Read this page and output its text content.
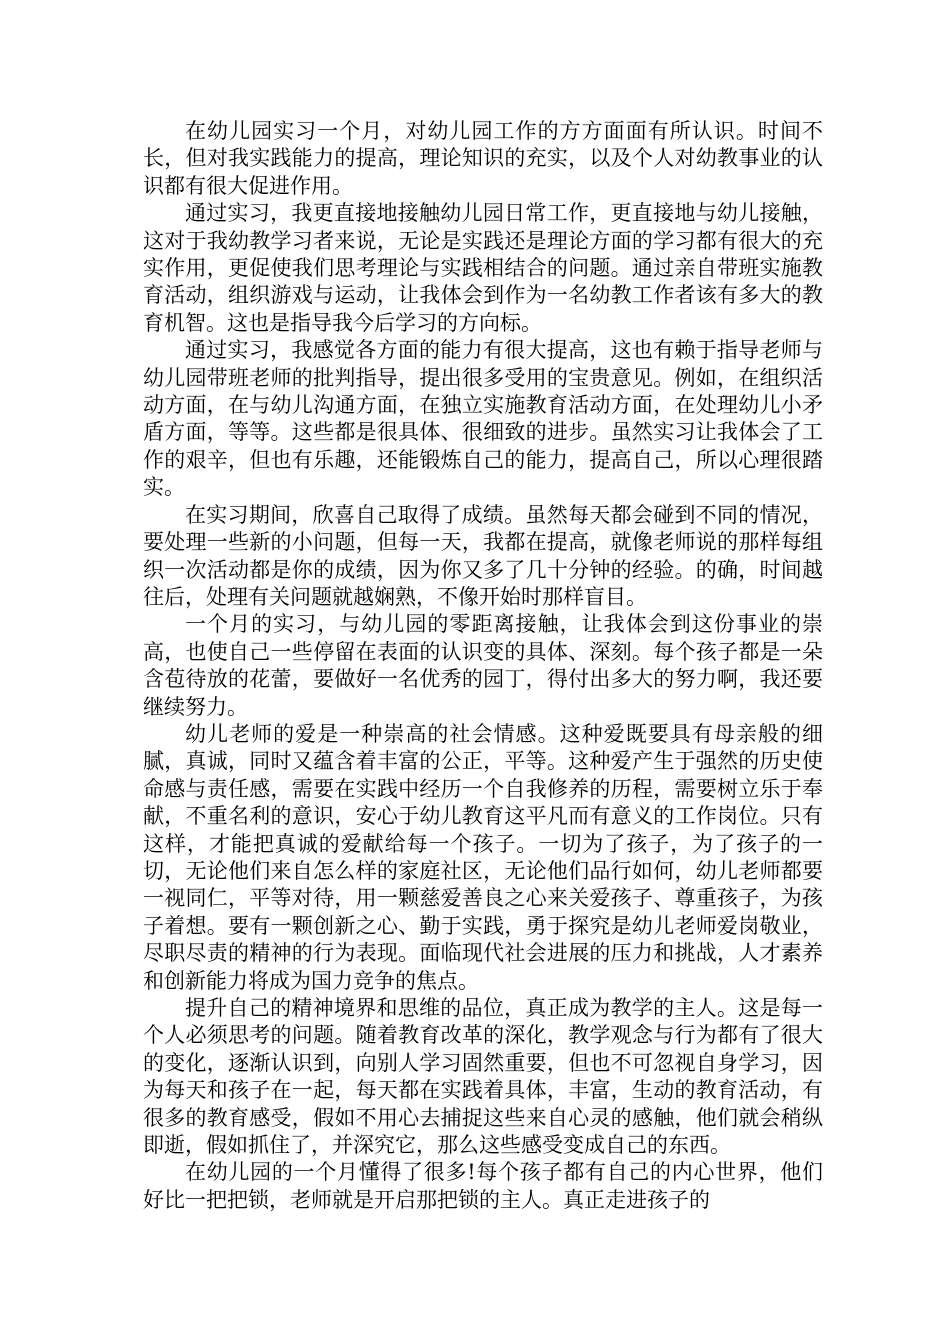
在幼儿园实习一个月，对幼儿园工作的方方面面有所认识。时间不长，但对我实践能力的提高，理论知识的充实，以及个人对幼教事业的认识都有很大促进作用。

通过实习，我更直接地接触幼儿园日常工作，更直接地与幼儿接触，这对于我幼教学习者来说，无论是实践还是理论方面的学习都有很大的充实作用，更促使我们思考理论与实践相结合的问题。通过亲自带班实施教育活动，组织游戏与运动，让我体会到作为一名幼教工作者该有多大的教育机智。这也是指导我今后学习的方向标。

通过实习，我感觉各方面的能力有很大提高，这也有赖于指导老师与幼儿园带班老师的批判指导，提出很多受用的宝贵意见。例如，在组织活动方面，在与幼儿沟通方面，在独立实施教育活动方面，在处理幼儿小矛盾方面，等等。这些都是很具体、很细致的进步。虽然实习让我体会了工作的艰辛，但也有乐趣，还能锻炼自己的能力，提高自己，所以心理很踏实。

在实习期间，欣喜自己取得了成绩。虽然每天都会碰到不同的情况，要处理一些新的小问题，但每一天，我都在提高，就像老师说的那样每组织一次活动都是你的成绩，因为你又多了几十分钟的经验。的确，时间越往后，处理有关问题就越娴熟，不像开始时那样盲目。

一个月的实习，与幼儿园的零距离接触，让我体会到这份事业的崇高，也使自己一些停留在表面的认识变的具体、深刻。每个孩子都是一朵含苞待放的花蕾，要做好一名优秀的园丁，得付出多大的努力啊，我还要继续努力。

幼儿老师的爱是一种崇高的社会情感。这种爱既要具有母亲般的细腻，真诚，同时又蕴含着丰富的公正，平等。这种爱产生于强然的历史使命感与责任感，需要在实践中经历一个自我修养的历程，需要树立乐于奉献，不重名利的意识，安心于幼儿教育这平凡而有意义的工作岗位。只有这样，才能把真诚的爱献给每一个孩子。一切为了孩子，为了孩子的一切，无论他们来自怎么样的家庭社区，无论他们品行如何，幼儿老师都要一视同仁，平等对待，用一颗慈爱善良之心来关爱孩子、尊重孩子，为孩子着想。要有一颗创新之心、勤于实践，勇于探究是幼儿老师爱岗敬业，尽职尽责的精神的行为表现。面临现代社会进展的压力和挑战，人才素养和创新能力将成为国力竞争的焦点。

提升自己的精神境界和思维的品位，真正成为教学的主人。这是每一个人必须思考的问题。随着教育改革的深化，教学观念与行为都有了很大的变化，逐渐认识到，向别人学习固然重要，但也不可忽视自身学习，因为每天和孩子在一起，每天都在实践着具体，丰富，生动的教育活动，有很多的教育感受，假如不用心去捕捉这些来自心灵的感触，他们就会稍纵即逝，假如抓住了，并深究它，那么这些感受变成自己的东西。

在幼儿园的一个月懂得了很多!每个孩子都有自己的内心世界，他们好比一把把锁，老师就是开启那把锁的主人。真正走进孩子的
